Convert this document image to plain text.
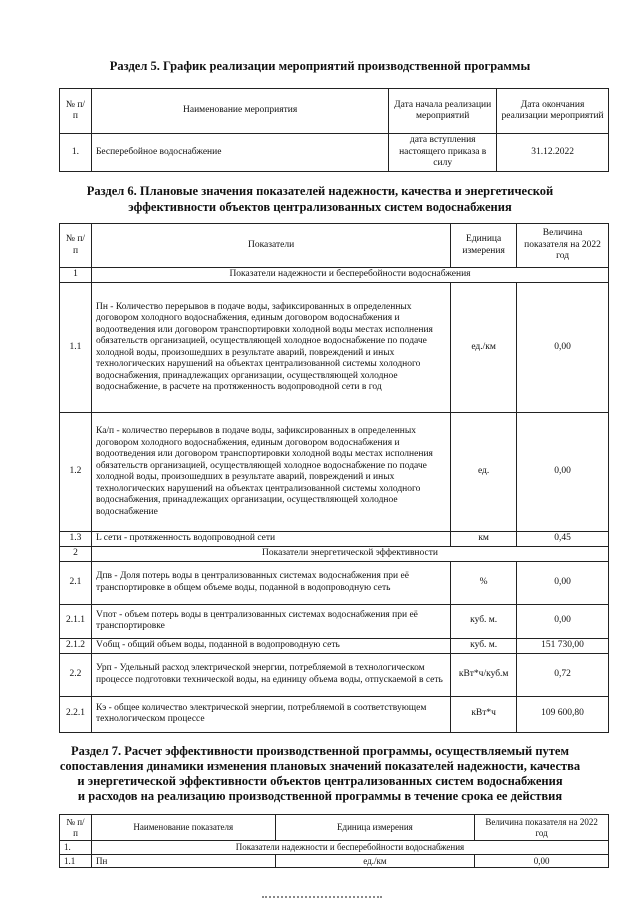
Раздел 5. График реализации мероприятий производственной программы
№ п/п	Наименование мероприятия	Дата начала реализации мероприятий	Дата окончания реализации мероприятий
1.	Бесперебойное водоснабжение	дата вступления настоящего приказа в силу	31.12.2022
Раздел 6. Плановые значения показателей надежности, качества и энергетической
эффективности объектов централизованных систем водоснабжения
№ п/п	Показатели	Единица измерения	Величина показателя на 2022 год
1	Показатели надежности и бесперебойности водоснабжения		
1.1	Пн - Количество перерывов в подаче воды, зафиксированных в определенных договором холодного водоснабжения, единым договором водоснабжения и водоотведения или договором транспортировки холодной воды местах исполнения обязательств организацией, осуществляющей холодное водоснабжение по подаче холодной воды, произошедших в результате аварий, повреждений и иных технологических нарушений на объектах централизованной системы холодного водоснабжения, принадлежащих организации, осуществляющей холодное водоснабжение, в расчете на протяженность водопроводной сети в год	ед./км	0,00
1.2	Ка/п - количество перерывов в подаче воды, зафиксированных в определенных договором холодного водоснабжения, единым договором водоснабжения и водоотведения или договором транспортировки холодной воды местах исполнения обязательств организацией, осуществляющей холодное водоснабжение по подаче холодной воды, произошедших в результате аварий, повреждений и иных технологических нарушений на объектах централизованной системы холодного водоснабжения, принадлежащих организации, осуществляющей холодное водоснабжение	ед.	0,00
1.3	L сети - протяженность водопроводной сети	км	0,45
2	Показатели энергетической эффективности		
2.1	Дпв - Доля потерь воды в централизованных системах водоснабжения при её транспортировке в общем объеме воды, поданной в водопроводную сеть	%	0,00
2.1.1	Vпот - объем потерь воды в централизованных системах водоснабжения при её транспортировке	куб. м.	0,00
2.1.2	Vобщ - общий объем воды, поданной в водопроводную сеть	куб. м.	151 730,00
2.2	Урп - Удельный расход электрической энергии, потребляемой в технологическом процессе подготовки технической воды, на единицу объема воды, отпускаемой в сеть	кВт*ч/куб.м	0,72
2.2.1	Кэ - общее количество электрической энергии, потребляемой в соответствующем технологическом процессе	кВт*ч	109 600,80
Раздел 7. Расчет эффективности производственной программы, осуществляемый путем
сопоставления динамики изменения плановых значений показателей надежности, качества
и энергетической эффективности объектов централизованных систем водоснабжения
и расходов на реализацию производственной программы в течение срока ее действия
№ п/п	Наименование показателя	Единица измерения	Величина показателя на 2022 год
1.	Показатели надежности и бесперебойности водоснабжения		
1.1	Пн	ед./км	0,00
